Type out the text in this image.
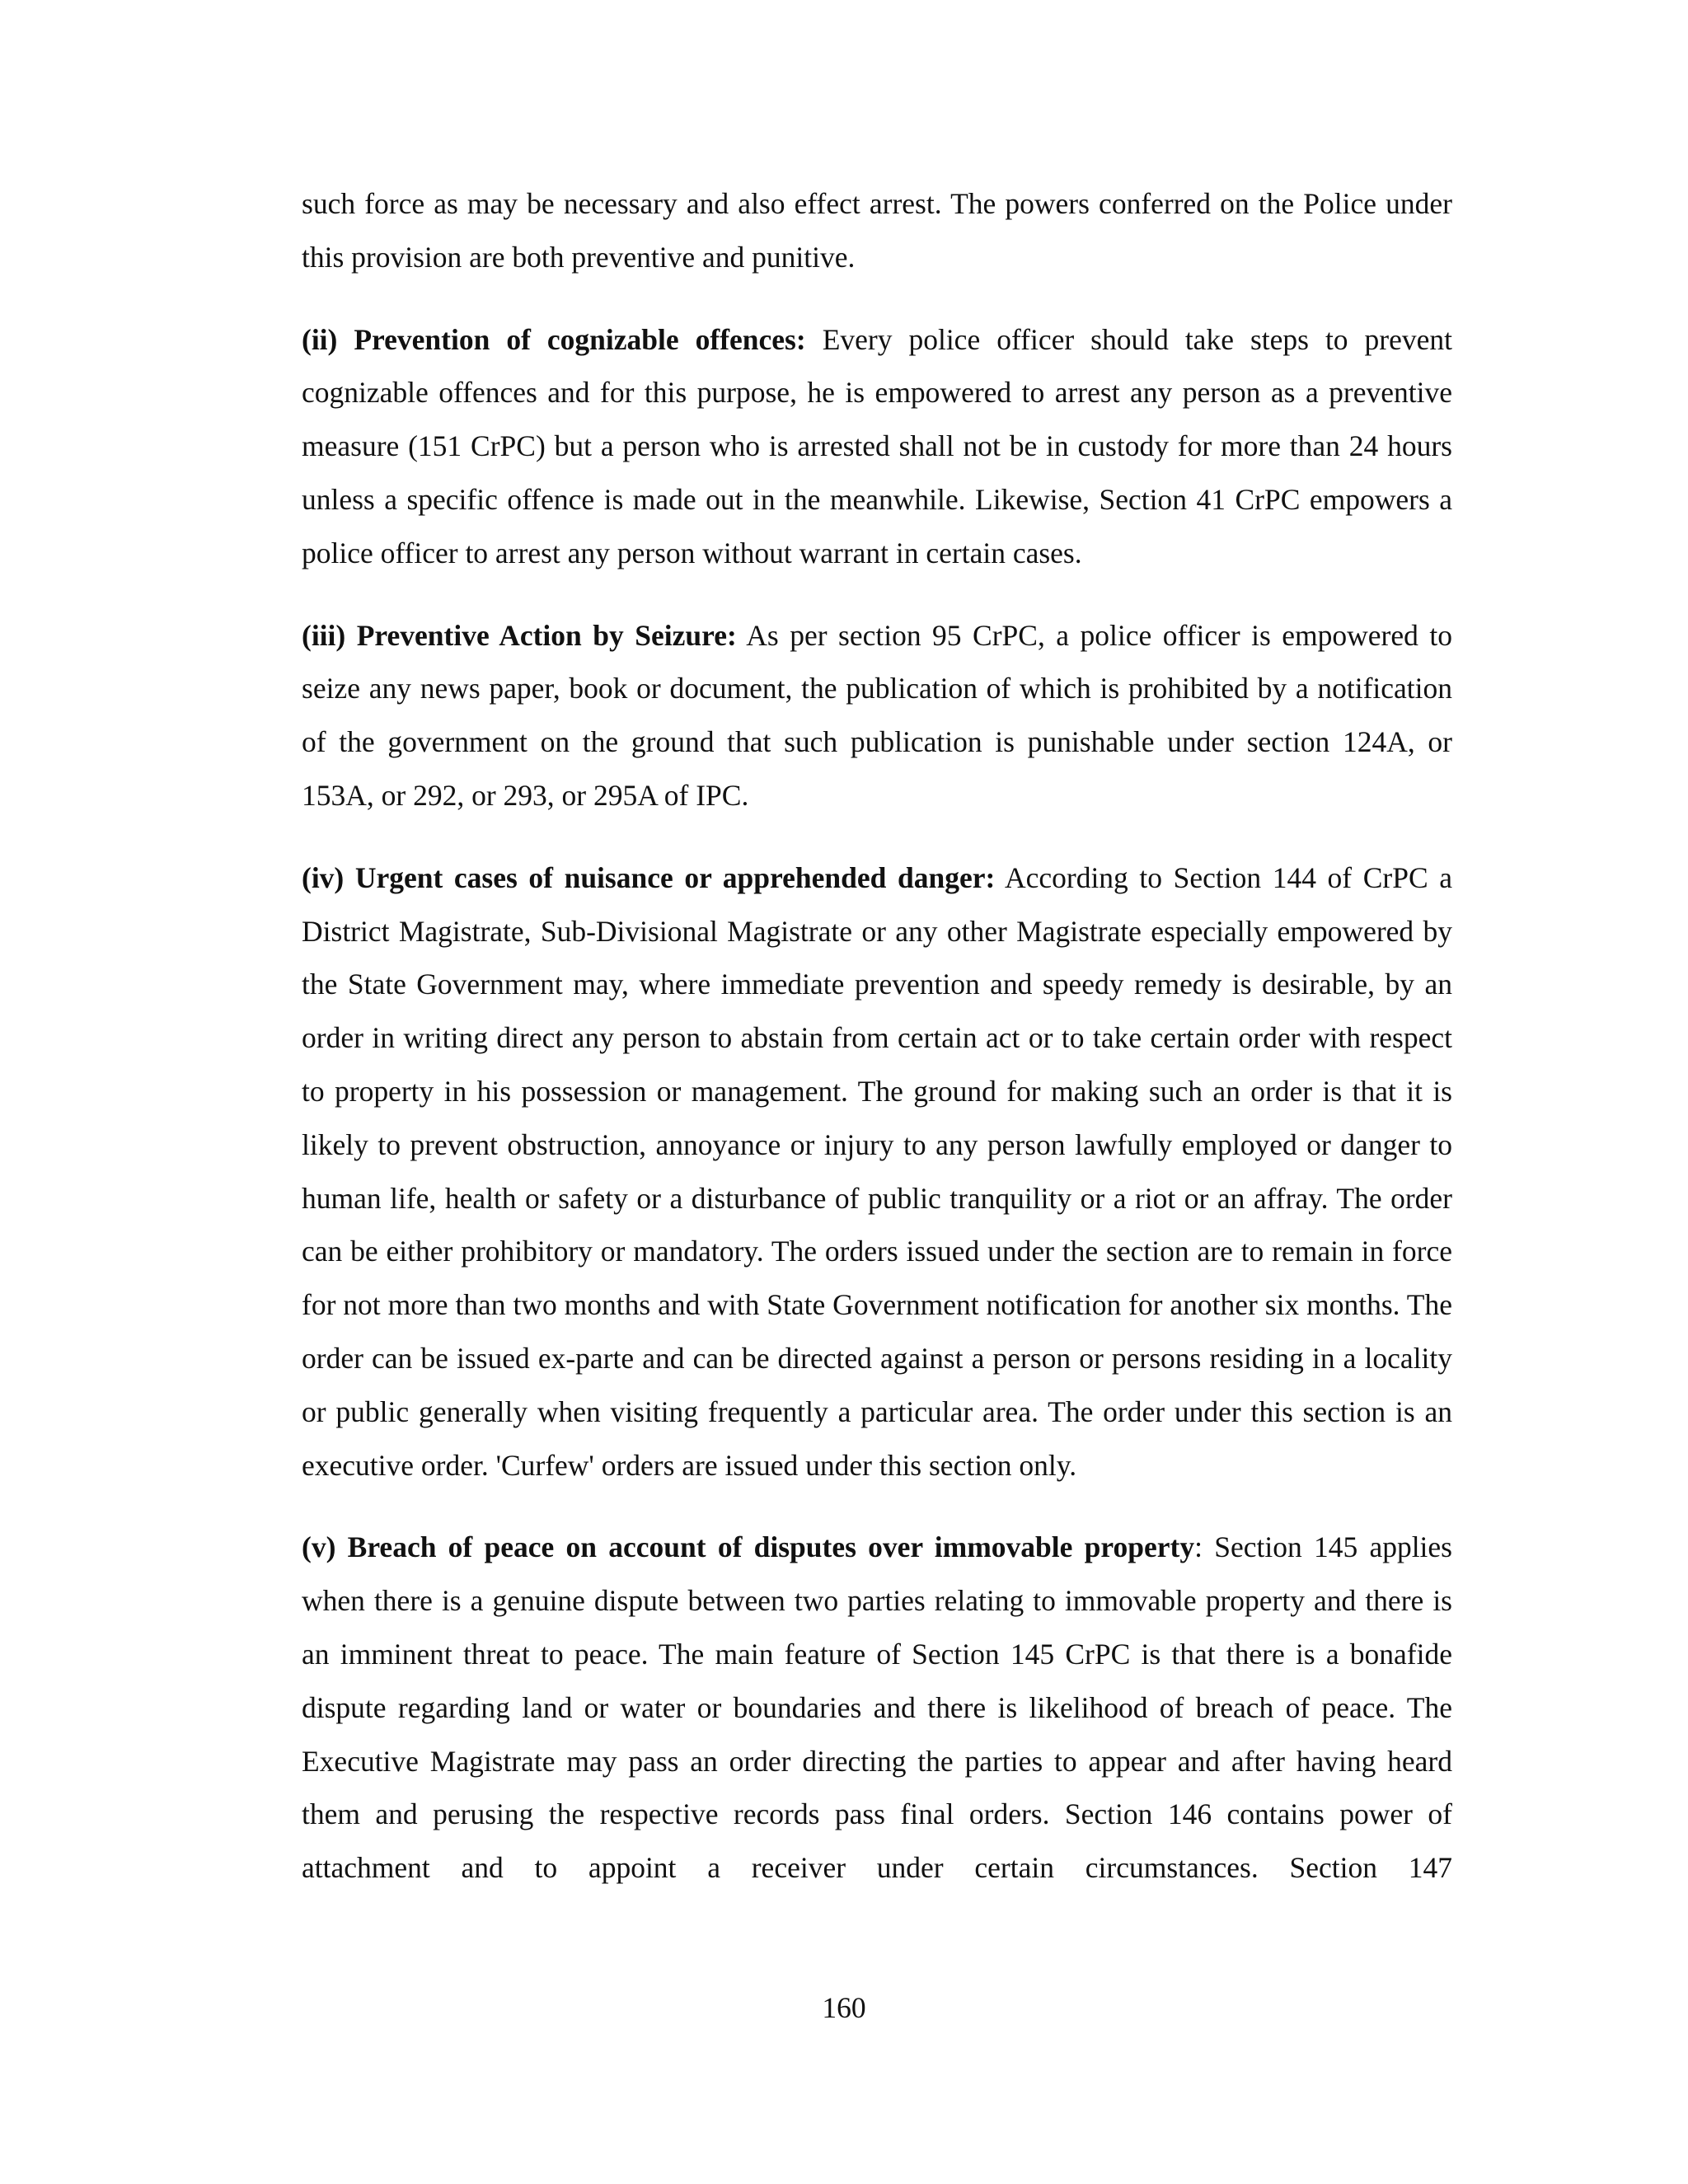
such force as may be necessary and also effect arrest. The powers conferred on the Police under this provision are both preventive and punitive.

(ii) Prevention of cognizable offences: Every police officer should take steps to prevent cognizable offences and for this purpose, he is empowered to arrest any person as a preventive measure (151 CrPC) but a person who is arrested shall not be in custody for more than 24 hours unless a specific offence is made out in the meanwhile. Likewise, Section 41 CrPC empowers a police officer to arrest any person without warrant in certain cases.

(iii) Preventive Action by Seizure: As per section 95 CrPC, a police officer is empowered to seize any news paper, book or document, the publication of which is prohibited by a notification of the government on the ground that such publication is punishable under section 124A, or 153A, or 292, or 293, or 295A of IPC.

(iv) Urgent cases of nuisance or apprehended danger: According to Section 144 of CrPC a District Magistrate, Sub-Divisional Magistrate or any other Magistrate especially empowered by the State Government may, where immediate prevention and speedy remedy is desirable, by an order in writing direct any person to abstain from certain act or to take certain order with respect to property in his possession or management. The ground for making such an order is that it is likely to prevent obstruction, annoyance or injury to any person lawfully employed or danger to human life, health or safety or a disturbance of public tranquility or a riot or an affray. The order can be either prohibitory or mandatory. The orders issued under the section are to remain in force for not more than two months and with State Government notification for another six months. The order can be issued ex-parte and can be directed against a person or persons residing in a locality or public generally when visiting frequently a particular area. The order under this section is an executive order. 'Curfew' orders are issued under this section only.

(v) Breach of peace on account of disputes over immovable property: Section 145 applies when there is a genuine dispute between two parties relating to immovable property and there is an imminent threat to peace. The main feature of Section 145 CrPC is that there is a bonafide dispute regarding land or water or boundaries and there is likelihood of breach of peace. The Executive Magistrate may pass an order directing the parties to appear and after having heard them and perusing the respective records pass final orders. Section 146 contains power of attachment and to appoint a receiver under certain circumstances. Section 147

160
